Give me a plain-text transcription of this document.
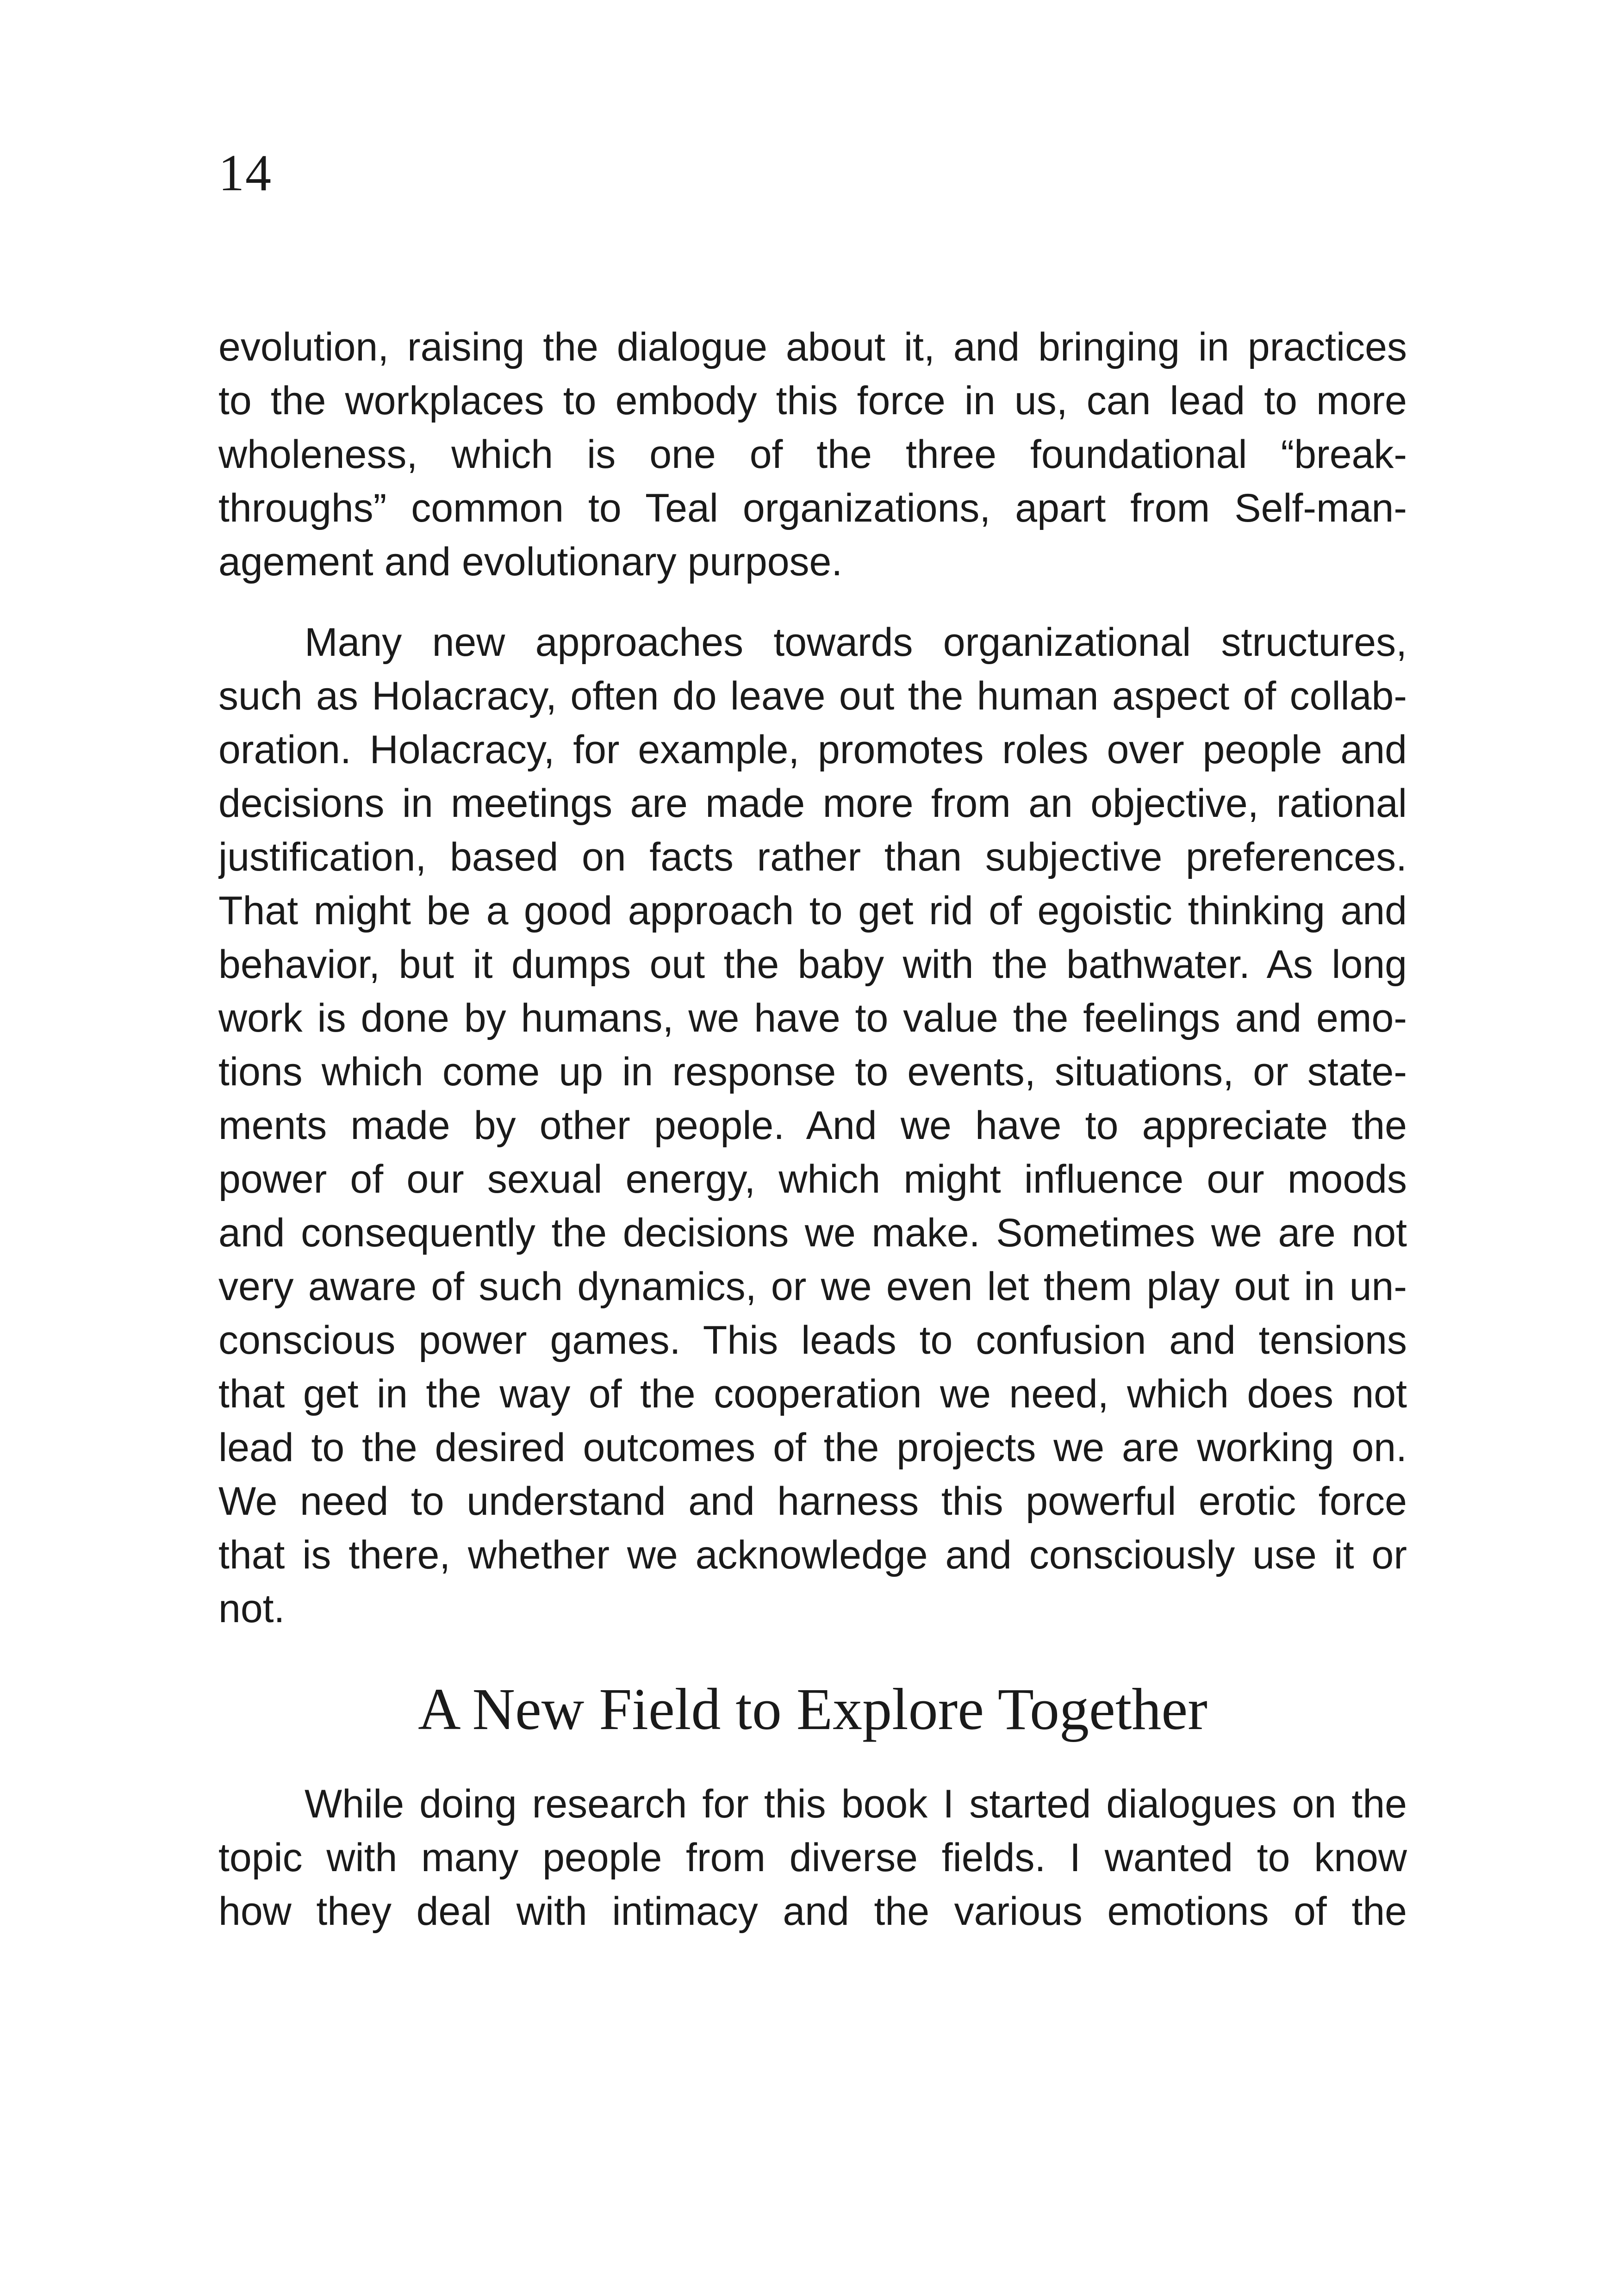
14
evolution, raising the dialogue about it, and bringing in practices
to the workplaces to embody this force in us, can lead to more
wholeness, which is one of the three foundational “break-
throughs” common to Teal organizations, apart from Self-man-
agement and evolutionary purpose.
Many new approaches towards organizational structures,
such as Holacracy, often do leave out the human aspect of collab-
oration. Holacracy, for example, promotes roles over people and
decisions in meetings are made more from an objective, rational
justification, based on facts rather than subjective preferences.
That might be a good approach to get rid of egoistic thinking and
behavior, but it dumps out the baby with the bathwater. As long
work is done by humans, we have to value the feelings and emo-
tions which come up in response to events, situations, or state-
ments made by other people. And we have to appreciate the
power of our sexual energy, which might influence our moods
and consequently the decisions we make. Sometimes we are not
very aware of such dynamics, or we even let them play out in un-
conscious power games. This leads to confusion and tensions
that get in the way of the cooperation we need, which does not
lead to the desired outcomes of the projects we are working on.
We need to understand and harness this powerful erotic force
that is there, whether we acknowledge and consciously use it or
not.
A New Field to Explore Together
While doing research for this book I started dialogues on the
topic with many people from diverse fields. I wanted to know
how they deal with intimacy and the various emotions of the
